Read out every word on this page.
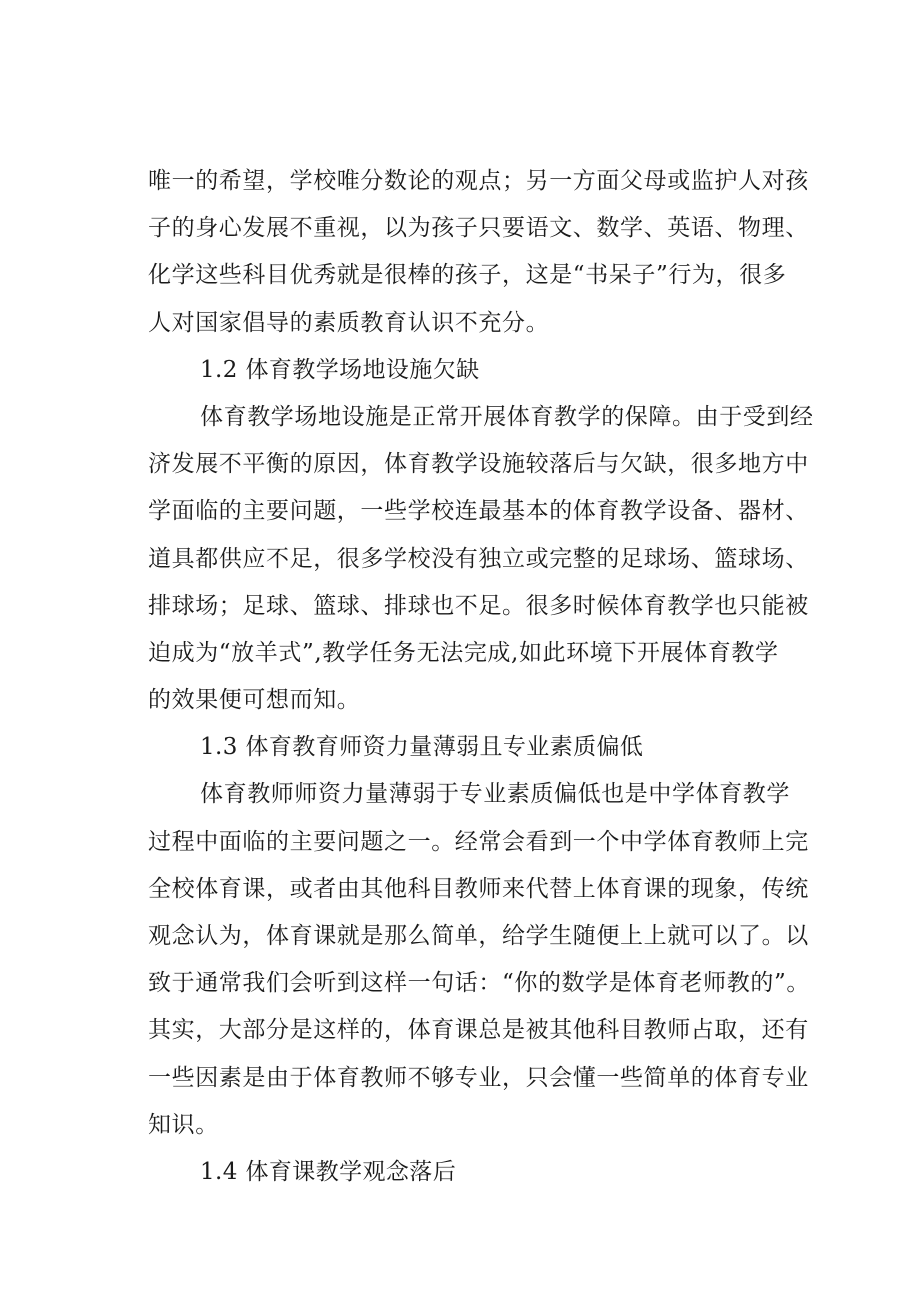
唯一的希望，学校唯分数论的观点；另一方面父母或监护人对孩
子的身心发展不重视，以为孩子只要语文、数学、英语、物理、
化学这些科目优秀就是很棒的孩子，这是“书呆子”行为，很多
人对国家倡导的素质教育认识不充分。
1.2 体育教学场地设施欠缺
体育教学场地设施是正常开展体育教学的保障。由于受到经
济发展不平衡的原因，体育教学设施较落后与欠缺，很多地方中
学面临的主要问题，一些学校连最基本的体育教学设备、器材、
道具都供应不足，很多学校没有独立或完整的足球场、篮球场、
排球场；足球、篮球、排球也不足。很多时候体育教学也只能被
迫成为“放羊式”,教学任务无法完成,如此环境下开展体育教学
的效果便可想而知。
1.3 体育教育师资力量薄弱且专业素质偏低
体育教师师资力量薄弱于专业素质偏低也是中学体育教学
过程中面临的主要问题之一。经常会看到一个中学体育教师上完
全校体育课，或者由其他科目教师来代替上体育课的现象，传统
观念认为，体育课就是那么简单，给学生随便上上就可以了。以
致于通常我们会听到这样一句话：“你的数学是体育老师教的”。
其实，大部分是这样的，体育课总是被其他科目教师占取，还有
一些因素是由于体育教师不够专业，只会懂一些简单的体育专业
知识。
1.4 体育课教学观念落后
